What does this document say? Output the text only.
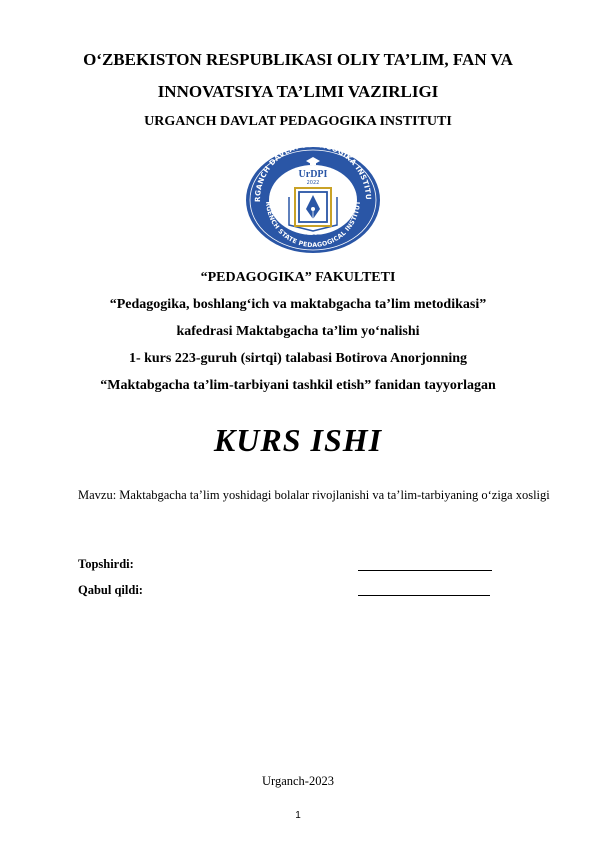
O‘ZBEKISTON RESPUBLIKASI OLIY TA’LIM, FAN VA
INNOVATSIYA TA’LIMI VAZIRLIGI
URGANCH DAVLAT PEDAGOGIKA INSTITUTI
RGANCH DAVLAT P AGOGIKA INSTITU
RGENCH STATE PEDAGOGICAL INSTITUT
UrDPI
2022
UrSPI
“PEDAGOGIKA” FAKULTETI
“Pedagogika, boshlang‘ich va maktabgacha ta’lim metodikasi”
kafedrasi Maktabgacha ta’lim yo‘nalishi
1- kurs 223-guruh (sirtqi) talabasi Botirova Anorjonning
“Maktabgacha ta’lim-tarbiyani tashkil etish” fanidan tayyorlagan
KURS ISHI
Mavzu: Maktabgacha ta’lim yoshidagi bolalar rivojlanishi va ta’lim-tarbiyaning o‘ziga xosligi
Topshirdi:
Qabul qildi:
Urganch-2023
1
